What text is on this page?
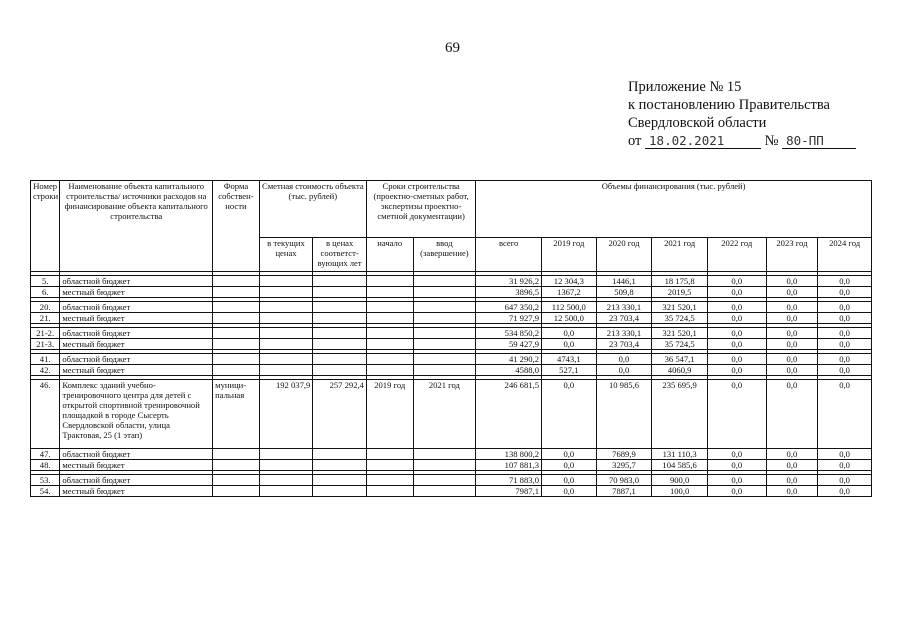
69
Приложение № 15
к постановлению Правительства
Свердловской области
от 18.02.2021	№ 80-ПП
Номер строки	Наименование объекта капитального строительства/ источники расходов на финансирование объекта капитального строительства	Форма собствен-ности	Сметная стоимость объекта (тыс. рублей)		Сроки строительства (проектно-сметных работ, экспертизы проектно-сметной документации)		Объемы финансирования (тыс. рублей)						
			в текущих ценах	в ценах соответст-вующих лет	начало	ввод (завершение)	всего	2019 год	2020 год	2021 год	2022 год	2023 год	2024 год

5.	областной бюджет						31 926,2	12 304,3	1446,1	18 175,8	0,0	0,0	0,0
6.	местный бюджет						3896,5	1367,2	509,8	2019,5	0,0	0,0	0,0

20.	областной бюджет						647 350,2	112 500,0	213 330,1	321 520,1	0,0	0,0	0,0
21.	местный бюджет						71 927,9	12 500,0	23 703,4	35 724,5	0,0	0,0	0,0

21-2.	областной бюджет						534 850,2	0,0	213 330,1	321 520,1	0,0	0,0	0,0
21-3.	местный бюджет						59 427,9	0,0	23 703,4	35 724,5	0,0	0,0	0,0

41.	областной бюджет						41 290,2	4743,1	0,0	36 547,1	0,0	0,0	0,0
42.	местный бюджет						4588,0	527,1	0,0	4060,9	0,0	0,0	0,0

46.	Комплекс зданий учебно-тренировочного центра для детей с открытой спортивной тренировочной площадкой в городе Сысерть Свердловской области, улица Трактовая, 25 (1 этап)	муници-пальная	192 037,9	257 292,4	2019 год	2021 год	246 681,5	0,0	10 985,6	235 695,9	0,0	0,0	0,0
47.	областной бюджет						138 800,2	0,0	7689,9	131 110,3	0,0	0,0	0,0
48.	местный бюджет						107 881,3	0,0	3295,7	104 585,6	0,0	0,0	0,0

53.	областной бюджет						71 883,0	0,0	70 983,0	900,0	0,0	0,0	0,0
54.	местный бюджет						7987,1	0,0	7887,1	100,0	0,0	0,0	0,0
